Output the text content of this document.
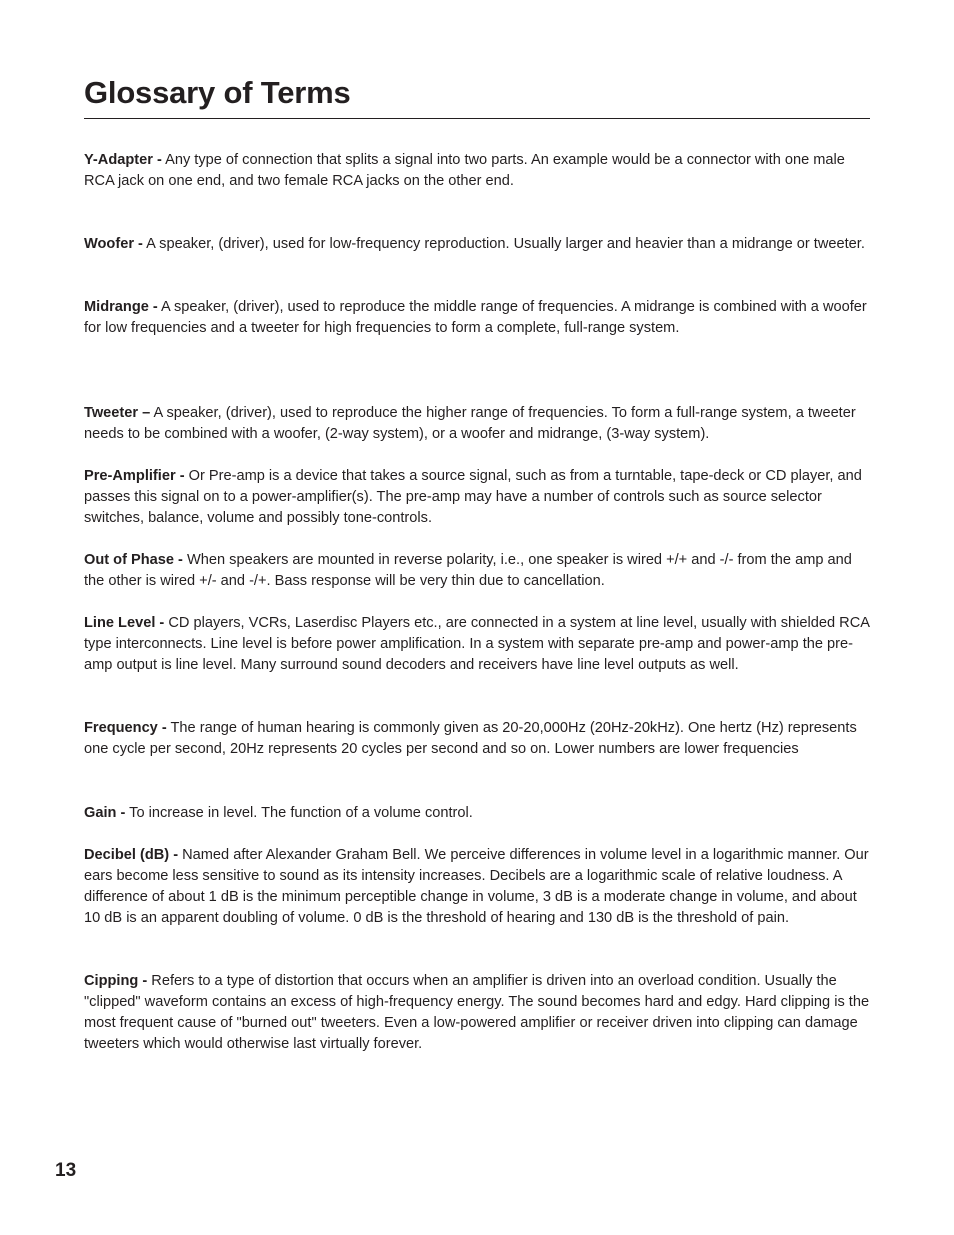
Glossary of Terms

Y-Adapter - Any type of connection that splits a signal into two parts. An example would be a connector with one male RCA jack on one end, and two female RCA jacks on the other end.

Woofer - A speaker, (driver), used for low-frequency reproduction. Usually larger and heavier than a midrange or tweeter.

Midrange - A speaker, (driver), used to reproduce the middle range of frequencies. A midrange is combined with a woofer for low frequencies and a tweeter for high frequencies to form a complete, full-range system.

Tweeter – A speaker, (driver), used to reproduce the higher range of frequencies. To form a full-range system, a tweeter needs to be combined with a woofer, (2-way system), or a woofer and midrange, (3-way system).

Pre-Amplifier - Or Pre-amp is a device that takes a source signal, such as from a turntable, tape-deck or CD player, and passes this signal on to a power-amplifier(s). The pre-amp may have a number of controls such as source selector switches, balance, volume and possibly tone-controls.

Out of Phase - When speakers are mounted in reverse polarity, i.e., one speaker is wired +/+ and -/- from the amp and the other is wired +/- and -/+. Bass response will be very thin due to cancellation.

Line Level - CD players, VCRs, Laserdisc Players etc., are connected in a system at line level, usually with shielded RCA type interconnects. Line level is before power amplification. In a system with separate pre-amp and power-amp the pre-amp output is line level. Many surround sound decoders and receivers have line level outputs as well.

Frequency - The range of human hearing is commonly given as 20-20,000Hz (20Hz-20kHz). One hertz (Hz) represents one cycle per second, 20Hz represents 20 cycles per second and so on. Lower numbers are lower frequencies

Gain - To increase in level. The function of a volume control.

Decibel (dB) - Named after Alexander Graham Bell. We perceive differences in volume level in a logarithmic manner. Our ears become less sensitive to sound as its intensity increases. Decibels are a logarithmic scale of relative loudness. A difference of about 1 dB is the minimum perceptible change in volume, 3 dB is a moderate change in volume, and about 10 dB is an apparent doubling of volume. 0 dB is the threshold of hearing and 130 dB is the threshold of pain.

Cipping - Refers to a type of distortion that occurs when an amplifier is driven into an overload condition. Usually the "clipped" waveform contains an excess of high-frequency energy. The sound becomes hard and edgy. Hard clipping is the most frequent cause of "burned out" tweeters. Even a low-powered amplifier or receiver driven into clipping can damage tweeters which would otherwise last virtually forever.

13
